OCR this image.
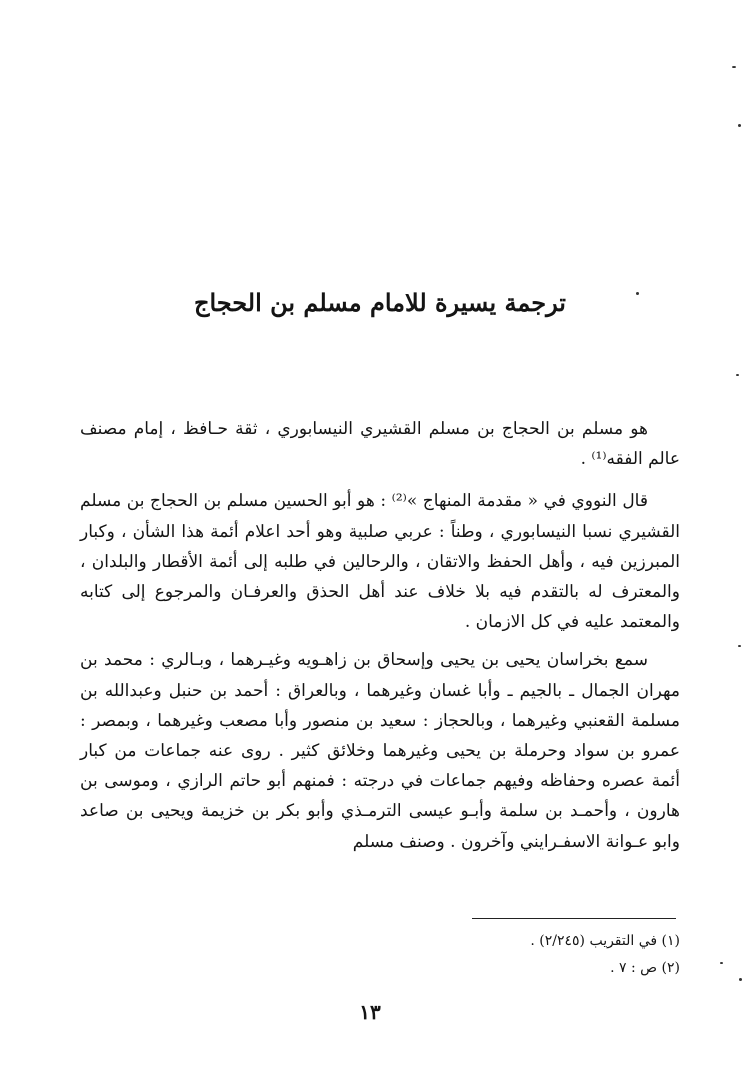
ترجمة يسيرة للامام مسلم بن الحجاج

هو مسلم بن الحجاج بن مسلم القشيري النيسابوري ، ثقة حـافظ ، إمام مصنف عالم الفقه⁽¹⁾ .

قال النووي في « مقدمة المنهاج »⁽²⁾ : هو أبو الحسين مسلم بن الحجاج بن مسلم القشيري نسبا النيسابوري ، وطناً : عربي صلبية وهو أحد اعلام أئمة هذا الشأن ، وكبار المبرزين فيه ، وأهل الحفظ والاتقان ، والرحالين في طلبه إلى أئمة الأقطار والبلدان ، والمعترف له بالتقدم فيه بلا خلاف عند أهل الحذق والعرفـان والمرجوع إلى كتابه والمعتمد عليه في كل الازمان .

سمع بخراسان يحيى بن يحيى وإسحاق بن زاهـويه وغيـرهما ، وبـالري : محمد بن مهران الجمال ـ بالجيم ـ وأبا غسان وغيرهما ، وبالعراق : أحمد بن حنبل وعبدالله بن مسلمة القعنبي وغيرهما ، وبالحجاز : سعيد بن منصور وأبا مصعب وغيرهما ، وبمصر : عمرو بن سواد وحرملة بن يحيى وغيرهما وخلائق كثير . روى عنه جماعات من كبار أئمة عصره وحفاظه وفيهم جماعات في درجته : فمنهم أبو حاتم الرازي ، وموسى بن هارون ، وأحمـد بن سلمة وأبـو عيسى الترمـذي وأبو بكر بن خزيمة ويحيى بن صاعد وابو عـوانة الاسفـرايني وآخرون . وصنف مسلم

(١) في التقريب (٢/٢٤٥) .
(٢) ص : ٧ .
١٣
